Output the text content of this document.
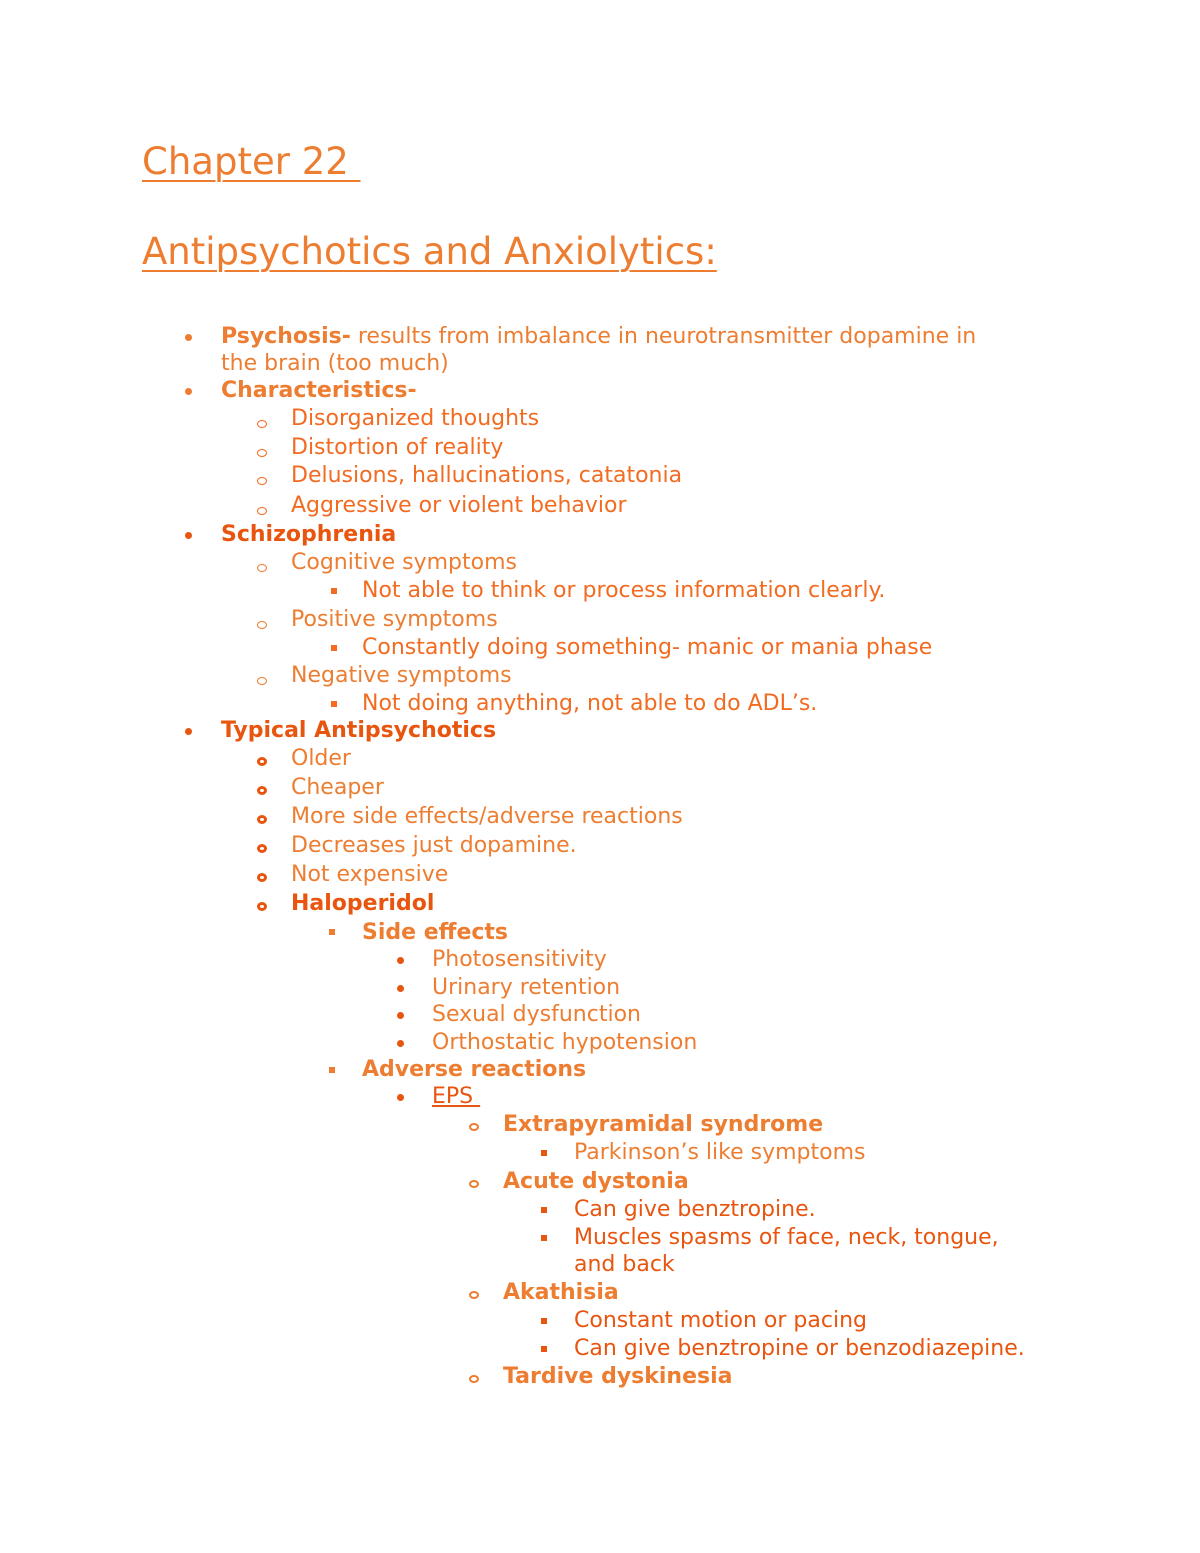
Chapter 22
Antipsychotics and Anxiolytics:
Psychosis- results from imbalance in neurotransmitter dopamine in
the brain (too much)
Characteristics-
Disorganized thoughts
Distortion of reality
Delusions, hallucinations, catatonia
Aggressive or violent behavior
Schizophrenia
Cognitive symptoms
Not able to think or process information clearly.
Positive symptoms
Constantly doing something- manic or mania phase
Negative symptoms
Not doing anything, not able to do ADL’s.
Typical Antipsychotics
Older
Cheaper
More side effects/adverse reactions
Decreases just dopamine.
Not expensive
Haloperidol
Side effects
Photosensitivity
Urinary retention
Sexual dysfunction
Orthostatic hypotension
Adverse reactions
EPS
Extrapyramidal syndrome
Parkinson’s like symptoms
Acute dystonia
Can give benztropine.
Muscles spasms of face, neck, tongue,
and back
Akathisia
Constant motion or pacing
Can give benztropine or benzodiazepine.
Tardive dyskinesia
